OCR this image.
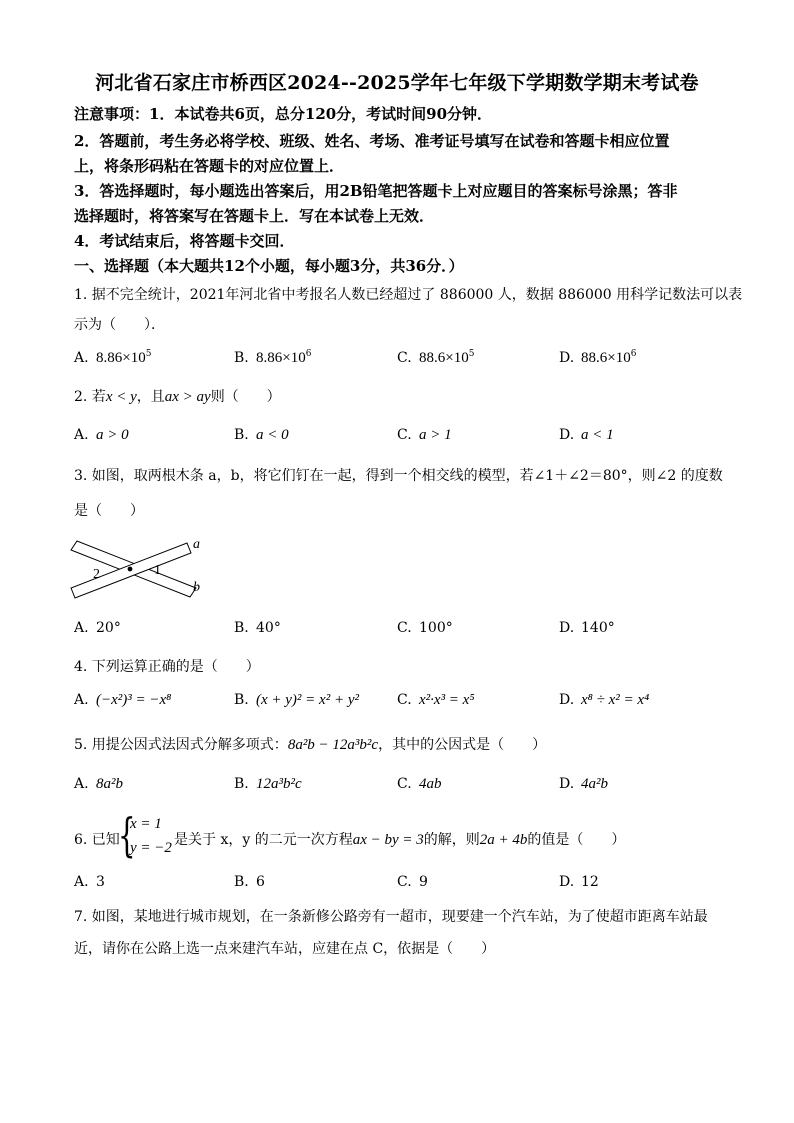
河北省石家庄市桥西区2024--2025学年七年级下学期数学期末考试卷
注意事项：1．本试卷共6页，总分120分，考试时间90分钟．
2．答题前，考生务必将学校、班级、姓名、考场、准考证号填写在试卷和答题卡相应位置
上，将条形码粘在答题卡的对应位置上．
3．答选择题时，每小题选出答案后，用2B铅笔把答题卡上对应题目的答案标号涂黑；答非
选择题时，将答案写在答题卡上．写在本试卷上无效．
4．考试结束后，将答题卡交回．
一、选择题（本大题共12个小题，每小题3分，共36分．）
1. 据不完全统计，2021年河北省中考报名人数已经超过了 886000 人，数据 886000 用科学记数法可以表
示为（　　）．
A. $8.86\times 10^5$	B. $8.86\times 10^6$	C. $88.6\times 10^5$	D. $88.6\times 10^6$
2. 若x < y，且ax > ay则（　　）
A. a > 0	B. a < 0	C. a > 1	D. a < 1
3. 如图，取两根木条 a，b，将它们钉在一起，得到一个相交线的模型，若∠1＋∠2＝80°，则∠2 的度数
是（　　）
a
b
2	1
A. 20°	B. 40°	C. 100°	D. 140°
4. 下列运算正确的是（　　）
A. (−x²)³ = −x⁸	B. (x + y)² = x² + y²	C. x²·x³ = x⁵	D. x⁸ ÷ x² = x⁴
5. 用提公因式法因式分解多项式：8a²b − 12a³b²c，其中的公因式是（　　）
A. 8a²b	B. 12a³b²c	C. 4ab	D. 4a²b
6. 已知
{
x = 1
y = −2 是关于 x，y 的二元一次方程ax − by = 3的解，则2a + 4b的值是（　　）
A. 3	B. 6	C. 9	D. 12
7. 如图，某地进行城市规划，在一条新修公路旁有一超市，现要建一个汽车站，为了使超市距离车站最
近，请你在公路上选一点来建汽车站，应建在点 C，依据是（　　）
